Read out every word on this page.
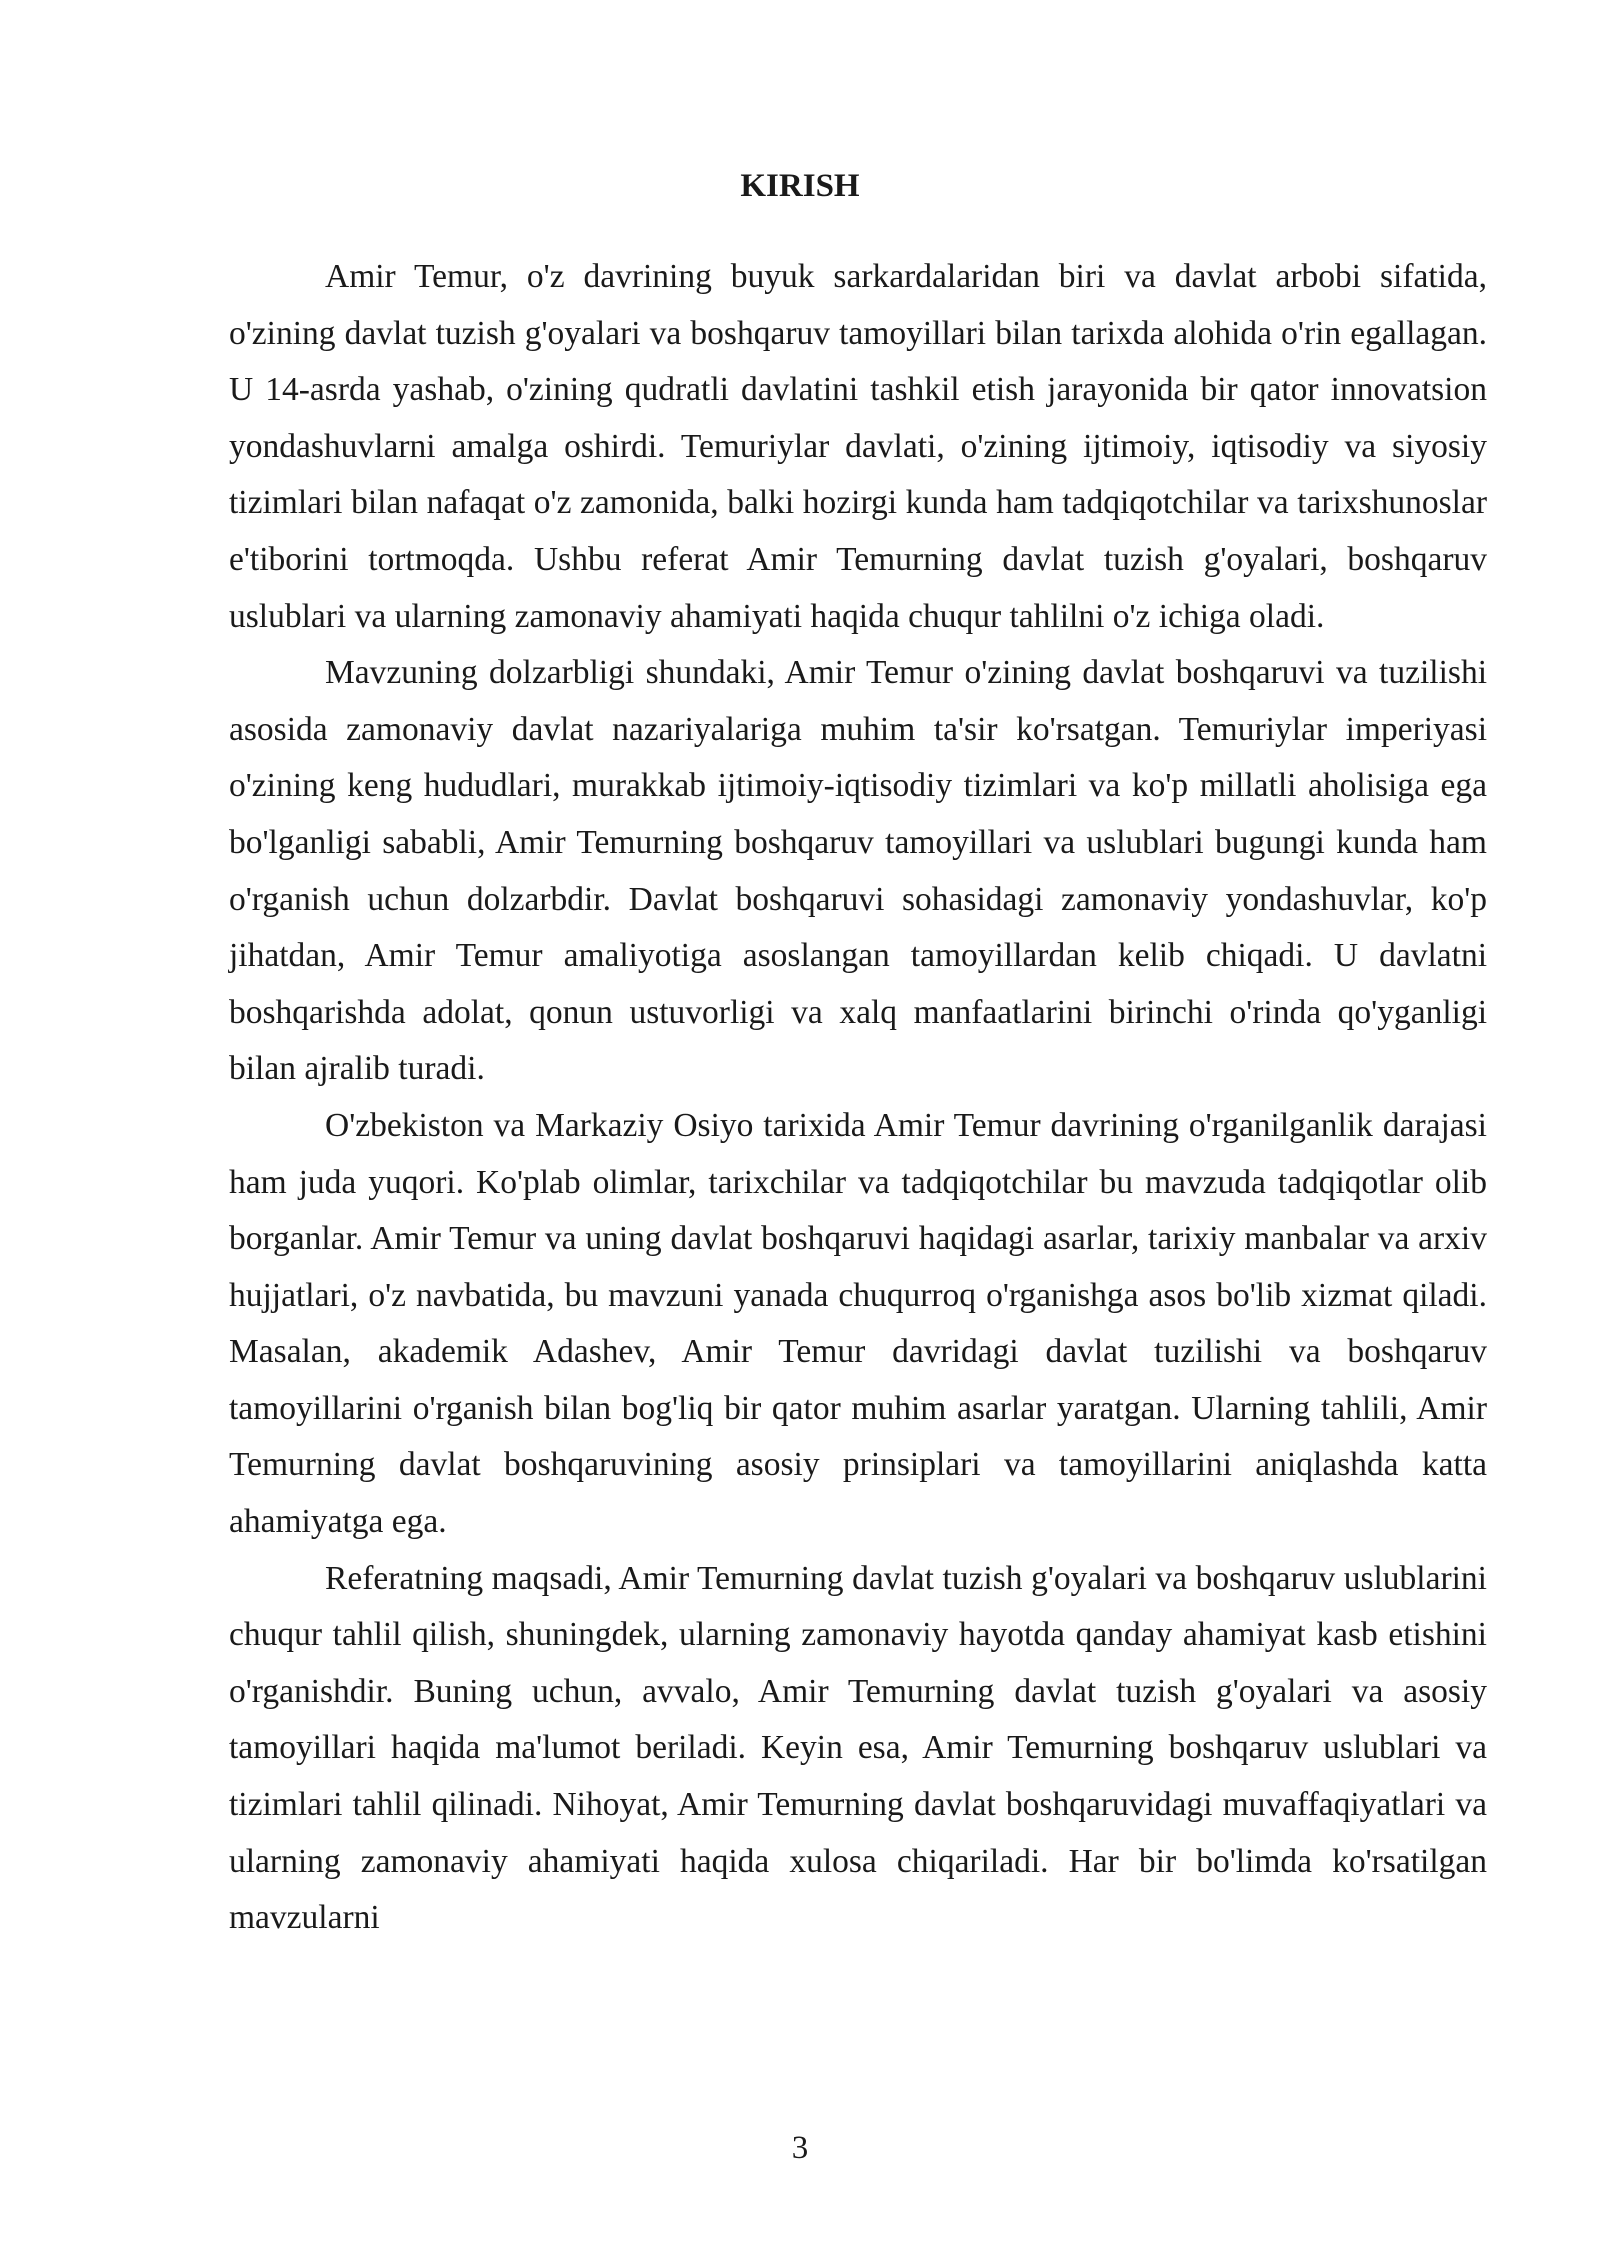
KIRISH

Amir Temur, o'z davrining buyuk sarkardalaridan biri va davlat arbobi sifatida, o'zining davlat tuzish g'oyalari va boshqaruv tamoyillari bilan tarixda alohida o'rin egallagan. U 14-asrda yashab, o'zining qudratli davlatini tashkil etish jarayonida bir qator innovatsion yondashuvlarni amalga oshirdi. Temuriylar davlati, o'zining ijtimoiy, iqtisodiy va siyosiy tizimlari bilan nafaqat o'z zamonida, balki hozirgi kunda ham tadqiqotchilar va tarixshunoslar e'tiborini tortmoqda. Ushbu referat Amir Temurning davlat tuzish g'oyalari, boshqaruv uslublari va ularning zamonaviy ahamiyati haqida chuqur tahlilni o'z ichiga oladi.

Mavzuning dolzarbligi shundaki, Amir Temur o'zining davlat boshqaruvi va tuzilishi asosida zamonaviy davlat nazariyalariga muhim ta'sir ko'rsatgan. Temuriylar imperiyasi o'zining keng hududlari, murakkab ijtimoiy-iqtisodiy tizimlari va ko'p millatli aholisiga ega bo'lganligi sababli, Amir Temurning boshqaruv tamoyillari va uslublari bugungi kunda ham o'rganish uchun dolzarbdir. Davlat boshqaruvi sohasidagi zamonaviy yondashuvlar, ko'p jihatdan, Amir Temur amaliyotiga asoslangan tamoyillardan kelib chiqadi. U davlatni boshqarishda adolat, qonun ustuvorligi va xalq manfaatlarini birinchi o'rinda qo'yganligi bilan ajralib turadi.

O'zbekiston va Markaziy Osiyo tarixida Amir Temur davrining o'rganilganlik darajasi ham juda yuqori. Ko'plab olimlar, tarixchilar va tadqiqotchilar bu mavzuda tadqiqotlar olib borganlar. Amir Temur va uning davlat boshqaruvi haqidagi asarlar, tarixiy manbalar va arxiv hujjatlari, o'z navbatida, bu mavzuni yanada chuqurroq o'rganishga asos bo'lib xizmat qiladi. Masalan, akademik Adashev, Amir Temur davridagi davlat tuzilishi va boshqaruv tamoyillarini o'rganish bilan bog'liq bir qator muhim asarlar yaratgan. Ularning tahlili, Amir Temurning davlat boshqaruvining asosiy prinsiplari va tamoyillarini aniqlashda katta ahamiyatga ega.

Referatning maqsadi, Amir Temurning davlat tuzish g'oyalari va boshqaruv uslublarini chuqur tahlil qilish, shuningdek, ularning zamonaviy hayotda qanday ahamiyat kasb etishini o'rganishdir. Buning uchun, avvalo, Amir Temurning davlat tuzish g'oyalari va asosiy tamoyillari haqida ma'lumot beriladi. Keyin esa, Amir Temurning boshqaruv uslublari va tizimlari tahlil qilinadi. Nihoyat, Amir Temurning davlat boshqaruvidagi muvaffaqiyatlari va ularning zamonaviy ahamiyati haqida xulosa chiqariladi. Har bir bo'limda ko'rsatilgan mavzularni

3
